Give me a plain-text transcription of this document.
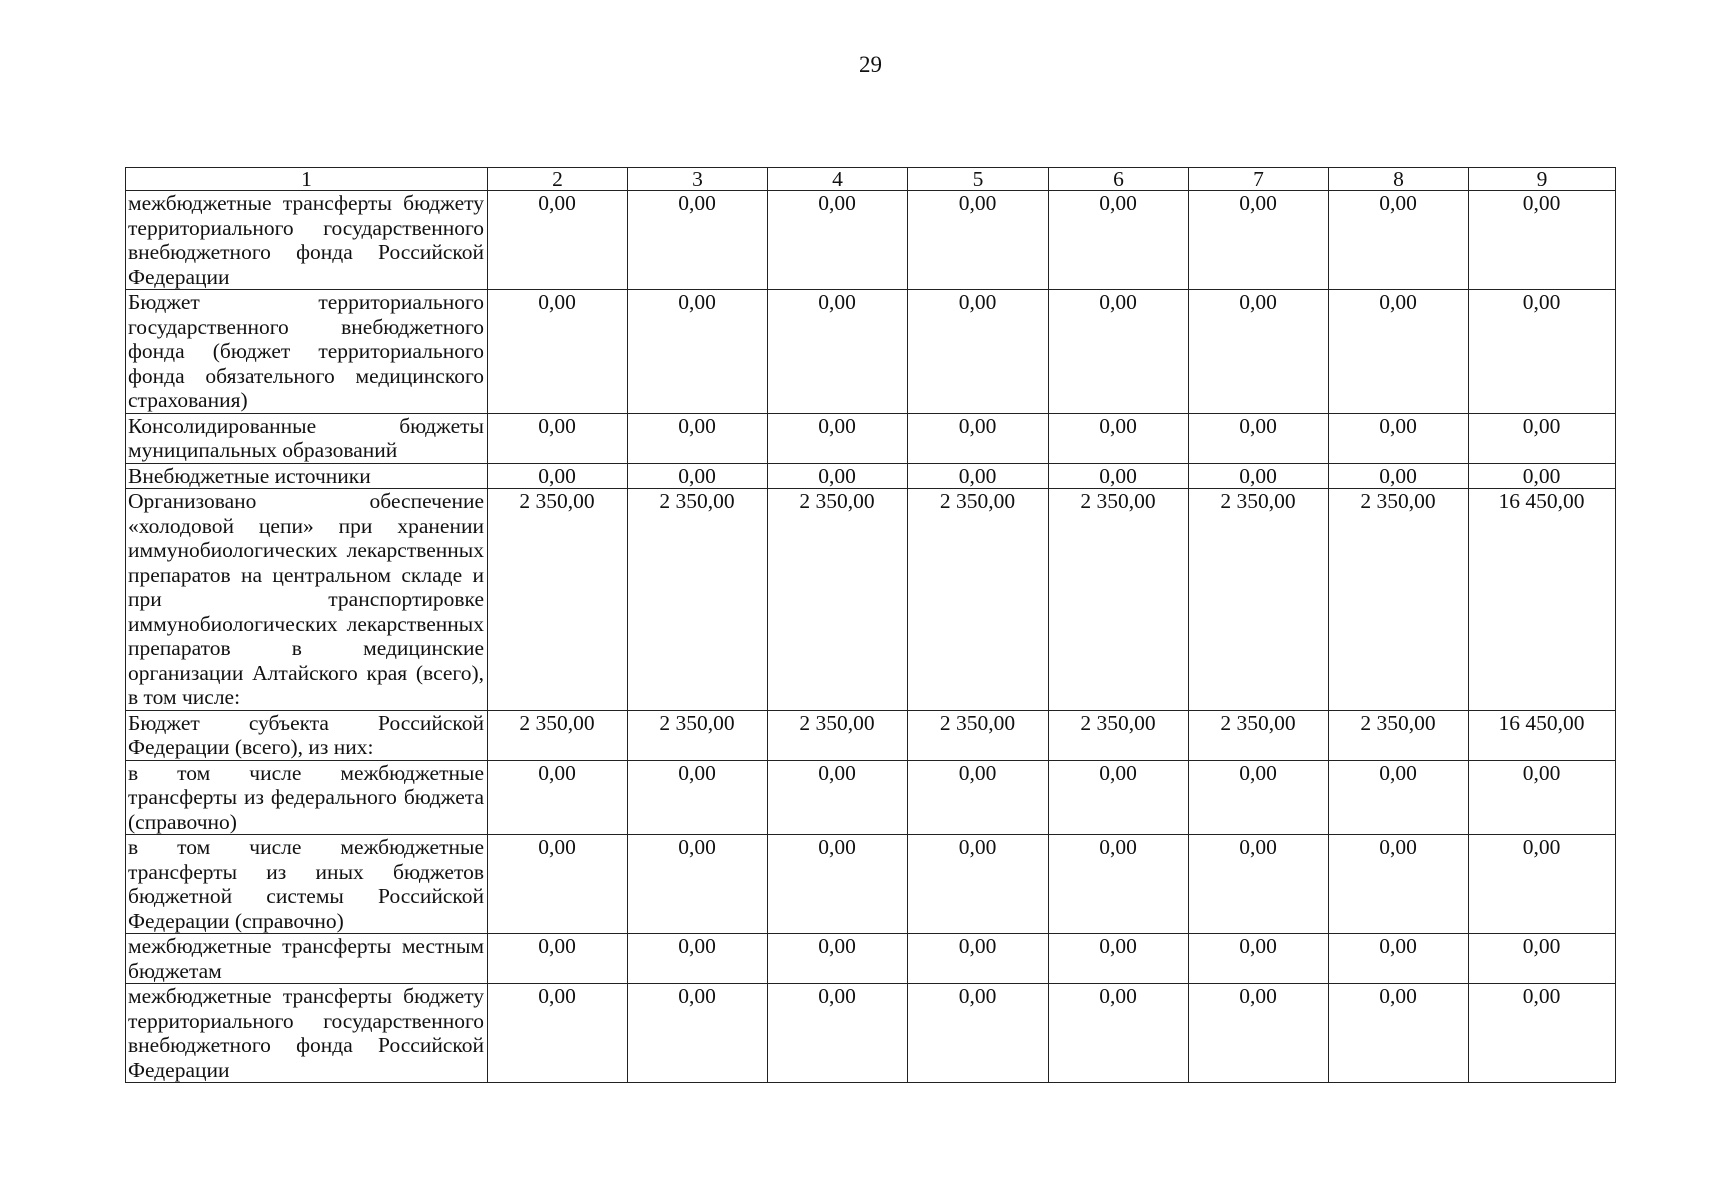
29
1	2	3	4	5	6	7	8	9
межбюджетные трансферты бюджету территориального государственного внебюджетного фонда Российской Федерации	0,00	0,00	0,00	0,00	0,00	0,00	0,00	0,00
Бюджет территориального государственного внебюджетного фонда (бюджет территориального фонда обязательного медицинского страхования)	0,00	0,00	0,00	0,00	0,00	0,00	0,00	0,00
Консолидированные бюджеты муниципальных образований	0,00	0,00	0,00	0,00	0,00	0,00	0,00	0,00
Внебюджетные источники	0,00	0,00	0,00	0,00	0,00	0,00	0,00	0,00
Организовано обеспечение «холодовой цепи» при хранении иммунобиологических лекарственных препаратов на центральном складе и при транспортировке иммунобиологических лекарственных препаратов в медицинские организации Алтайского края (всего), в том числе:	2 350,00	2 350,00	2 350,00	2 350,00	2 350,00	2 350,00	2 350,00	16 450,00
Бюджет субъекта Российской Федерации (всего), из них:	2 350,00	2 350,00	2 350,00	2 350,00	2 350,00	2 350,00	2 350,00	16 450,00
в том числе межбюджетные трансферты из федерального бюджета (справочно)	0,00	0,00	0,00	0,00	0,00	0,00	0,00	0,00
в том числе межбюджетные трансферты из иных бюджетов бюджетной системы Российской Федерации (справочно)	0,00	0,00	0,00	0,00	0,00	0,00	0,00	0,00
межбюджетные трансферты местным бюджетам	0,00	0,00	0,00	0,00	0,00	0,00	0,00	0,00
межбюджетные трансферты бюджету территориального государственного внебюджетного фонда Российской Федерации	0,00	0,00	0,00	0,00	0,00	0,00	0,00	0,00
